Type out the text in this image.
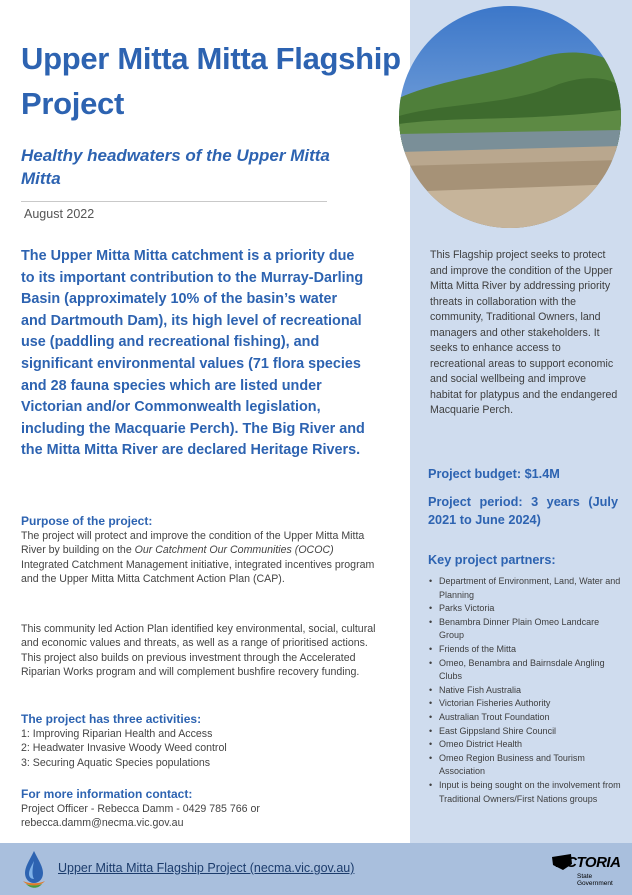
Upper Mitta Mitta Flagship Project
Healthy headwaters of the Upper Mitta Mitta
August 2022

The Upper Mitta Mitta catchment is a priority due to its important contribution to the Murray-Darling Basin (approximately 10% of the basin’s water and Dartmouth Dam), its high level of recreational use (paddling and recreational fishing), and significant environmental values (71 flora species and 28 fauna species which are listed under Victorian and/or Commonwealth legislation, including the Macquarie Perch). The Big River and the Mitta Mitta River are declared Heritage Rivers.

Purpose of the project:

The project will protect and improve the condition of the Upper Mitta Mitta River by building on the Our Catchment Our Communities (OCOC) Integrated Catchment Management initiative, integrated incentives program and the Upper Mitta Mitta Catchment Action Plan (CAP).

This community led Action Plan identified key environmental, social, cultural and economic values and threats, as well as a range of prioritised actions. This project also builds on previous investment through the Accelerated Riparian Works program and will complement bushfire recovery funding.

The project has three activities:
1: Improving Riparian Health and Access
2: Headwater Invasive Woody Weed control
3: Securing Aquatic Species populations
For more information contact:

Project Officer - Rebecca Damm - 0429 785 766 or

rebecca.damm@necma.vic.gov.au

This Flagship project seeks to protect and improve the condition of the Upper Mitta Mitta River by addressing priority threats in collaboration with the community, Traditional Owners, land managers and other stakeholders. It seeks to enhance access to recreational areas to support economic and social wellbeing and improve habitat for platypus and the endangered Macquarie Perch.

Project budget: $1.4M

Project period: 3 years (July 2021 to June 2024)

Key project partners:

• Department of Environment, Land, Water and Planning
• Parks Victoria
• Benambra Dinner Plain Omeo Landcare Group
• Friends of the Mitta
• Omeo, Benambra and Bairnsdale Angling Clubs
• Native Fish Australia
• Victorian Fisheries Authority
• Australian Trout Foundation
• East Gippsland Shire Council
• Omeo District Health
• Omeo Region Business and Tourism Association
• Input is being sought on the involvement from Traditional Owners/First Nations groups
Upper Mitta Mitta Flagship Project (necma.vic.gov.au)	VICTORIA
State
Government
